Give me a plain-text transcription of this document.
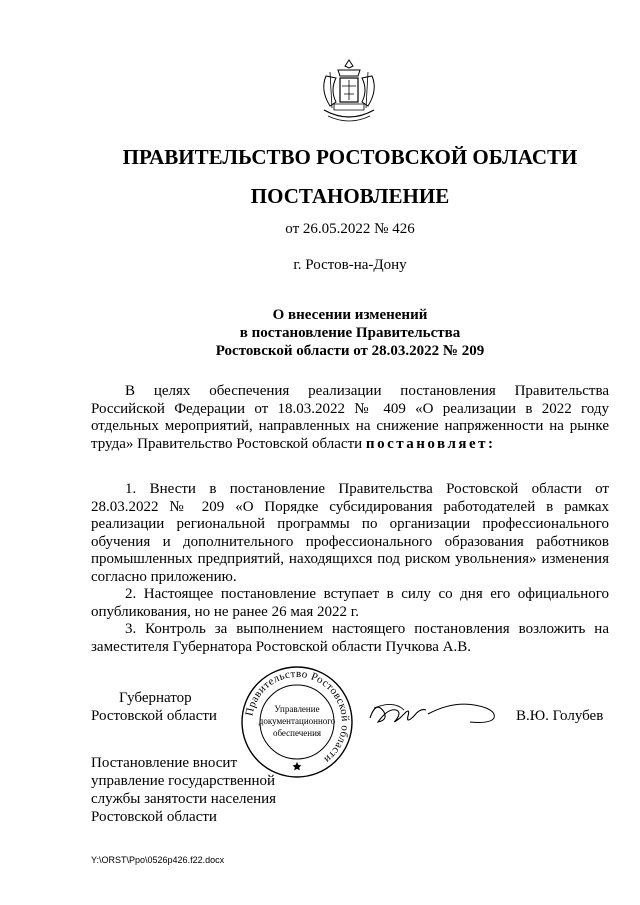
ПРАВИТЕЛЬСТВО РОСТОВСКОЙ ОБЛАСТИ
ПОСТАНОВЛЕНИЕ
от 26.05.2022 № 426
г. Ростов-на-Дону
О внесении изменений
в постановление Правительства
Ростовской области от 28.03.2022 № 209

В целях обеспечения реализации постановления Правительства Российской Федерации от 18.03.2022 № 409 «О реализации в 2022 году отдельных мероприятий, направленных на снижение напряженности на рынке труда» Правительство Ростовской области постановляет:

1. Внести в постановление Правительства Ростовской области от 28.03.2022 № 209 «О Порядке субсидирования работодателей в рамках реализации региональной программы по организации профессионального обучения и дополнительного профессионального образования работников промышленных предприятий, находящихся под риском увольнения» изменения согласно приложению.

2. Настоящее постановление вступает в силу со дня его официального опубликования, но не ранее 26 мая 2022 г.

3. Контроль за выполнением настоящего постановления возложить на заместителя Губернатора Ростовской области Пучкова А.В.

Губернатор
Ростовской области Правительство Ростовской области
Управление
документационного
обеспечения
В.Ю. Голубев
Постановление вносит
управление государственной
службы занятости населения
Ростовской области
Y:\ORST\Ppo\0526p426.f22.docx
